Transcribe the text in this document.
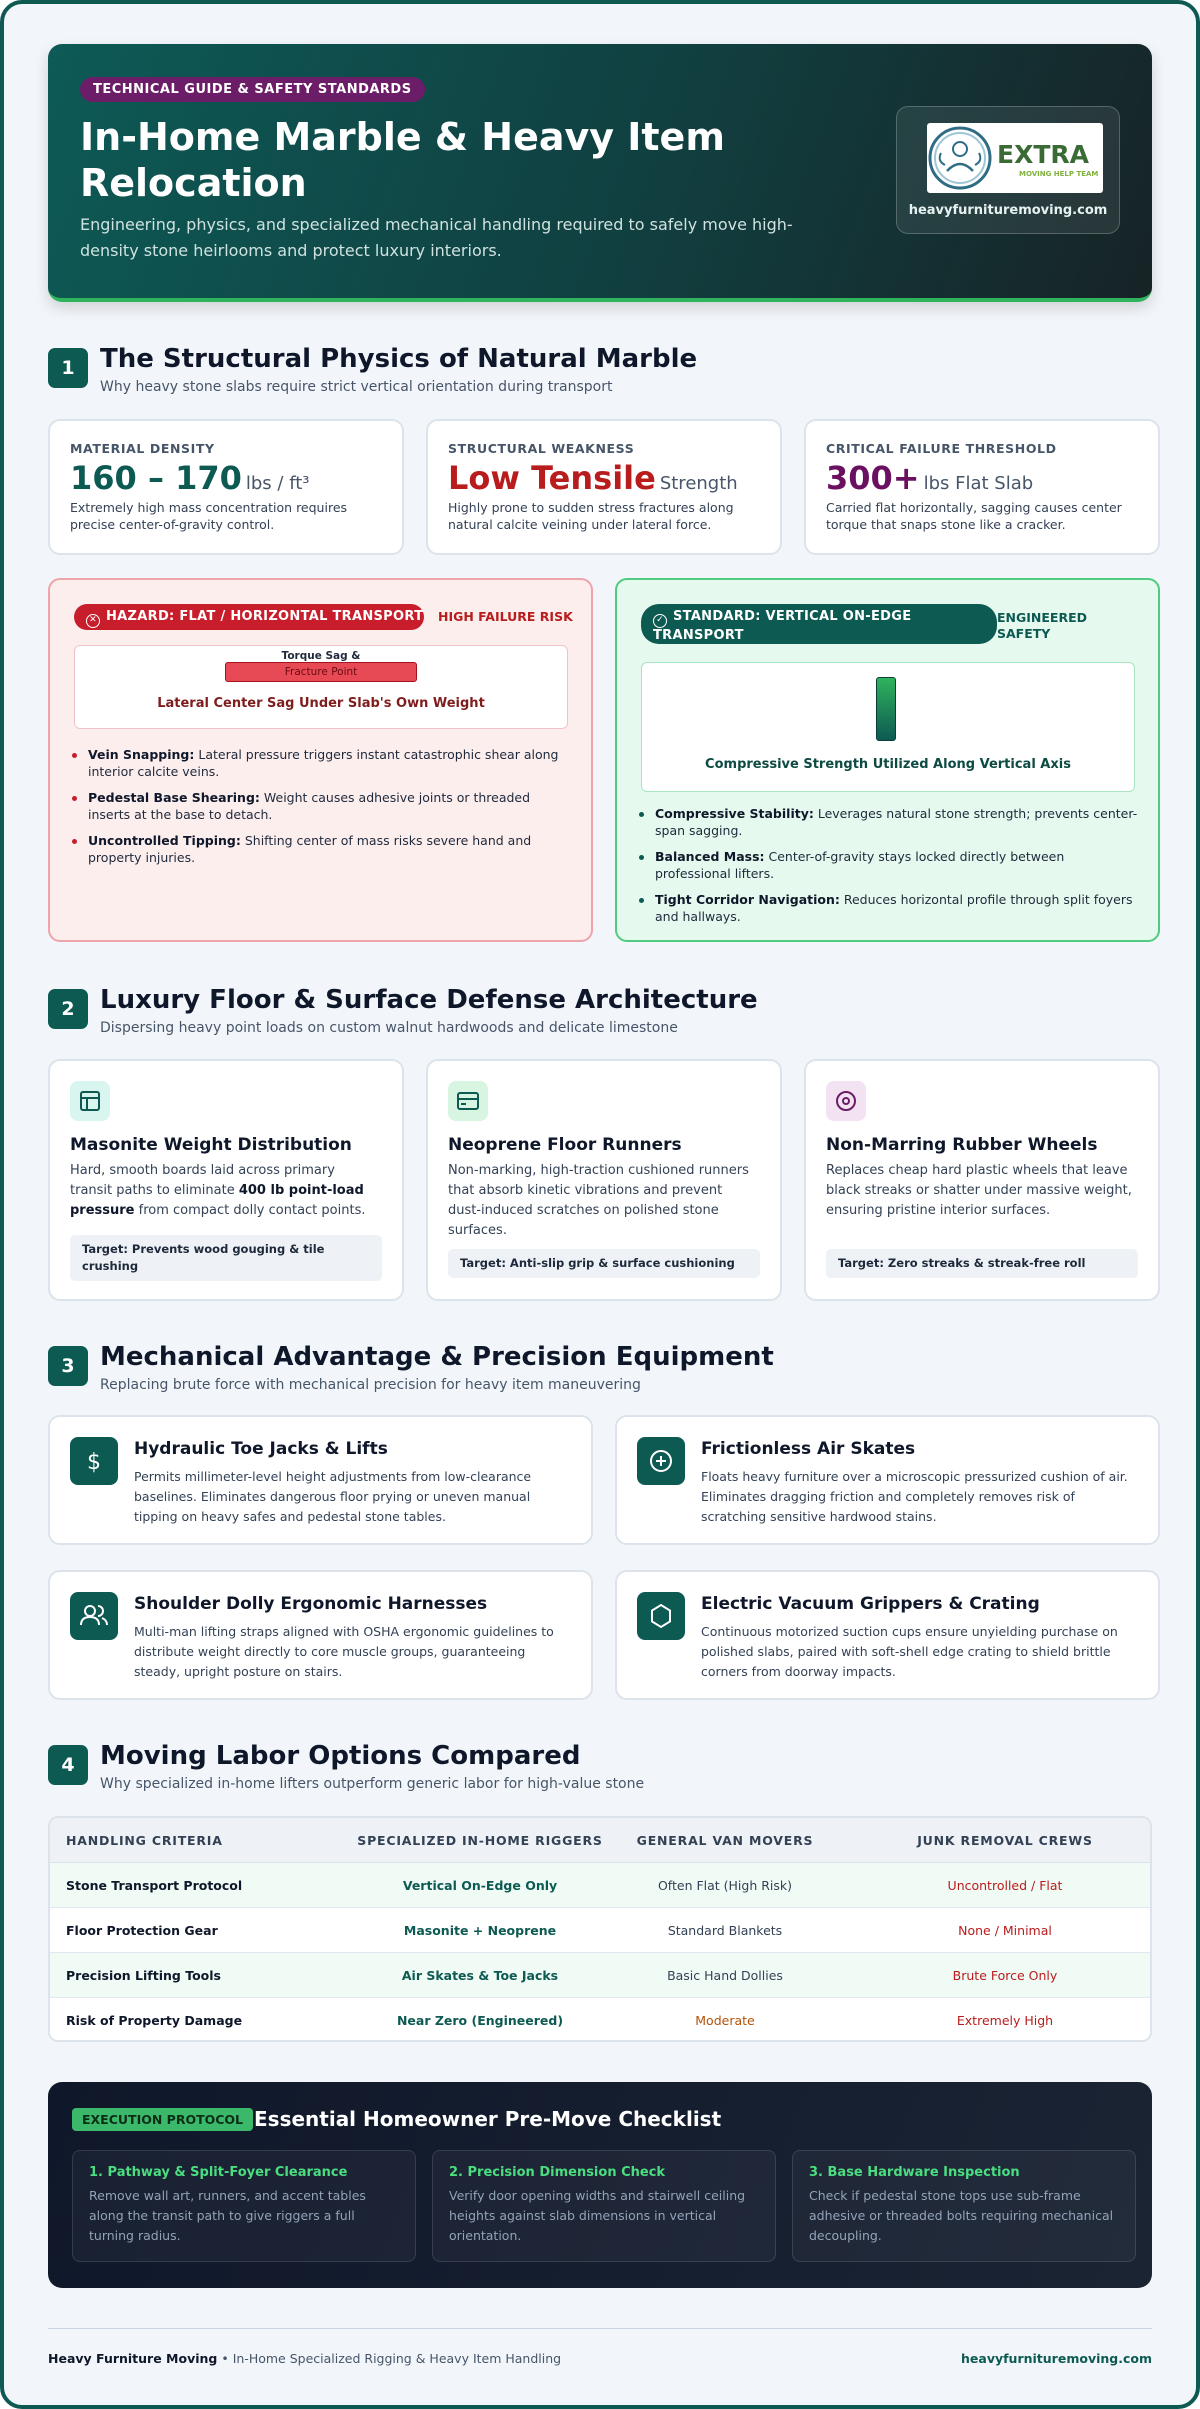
TECHNICAL GUIDE & SAFETY STANDARDS
In-Home Marble & Heavy Item Relocation
Engineering, physics, and specialized mechanical handling required to safely move high-density stone heirlooms and protect luxury interiors.
EXTRA
MOVING HELP TEAM
heavyfurnituremoving.com
1 The Structural Physics of Natural Marble
Why heavy stone slabs require strict vertical orientation during transport
MATERIAL DENSITY
160 – 170 lbs / ft³
Extremely high mass concentration requires precise center-of-gravity control.
STRUCTURAL WEAKNESS
Low Tensile Strength
Highly prone to sudden stress fractures along natural calcite veining under lateral force.
CRITICAL FAILURE THRESHOLD
300+ lbs Flat Slab
Carried flat horizontally, sagging causes center torque that snaps stone like a cracker.
✕ HAZARD: FLAT / HORIZONTAL TRANSPORT HIGH FAILURE RISK
Torque Sag &
Fracture Point
Lateral Center Sag Under Slab's Own Weight
Vein Snapping: Lateral pressure triggers instant catastrophic shear along interior calcite veins.
Pedestal Base Shearing: Weight causes adhesive joints or threaded inserts at the base to detach.
Uncontrolled Tipping: Shifting center of mass risks severe hand and property injuries.
✓ STANDARD: VERTICAL ON-EDGE TRANSPORT
ENGINEERED SAFETY
Compressive Strength Utilized Along Vertical Axis
Compressive Stability: Leverages natural stone strength; prevents center-span sagging.
Balanced Mass: Center-of-gravity stays locked directly between professional lifters.
Tight Corridor Navigation: Reduces horizontal profile through split foyers and hallways.
2 Luxury Floor & Surface Defense Architecture
Dispersing heavy point loads on custom walnut hardwoods and delicate limestone
Masonite Weight Distribution
Hard, smooth boards laid across primary transit paths to eliminate 400 lb point-load pressure from compact dolly contact points.
Target: Prevents wood gouging & tile crushing
Neoprene Floor Runners
Non-marking, high-traction cushioned runners that absorb kinetic vibrations and prevent dust-induced scratches on polished stone surfaces.
Target: Anti-slip grip & surface cushioning
Non-Marring Rubber Wheels
Replaces cheap hard plastic wheels that leave black streaks or shatter under massive weight, ensuring pristine interior surfaces.
Target: Zero streaks & streak-free roll
3 Mechanical Advantage & Precision Equipment
Replacing brute force with mechanical precision for heavy item maneuvering
$
Hydraulic Toe Jacks & Lifts
Permits millimeter-level height adjustments from low-clearance baselines. Eliminates dangerous floor prying or uneven manual tipping on heavy safes and pedestal stone tables.
Frictionless Air Skates
Floats heavy furniture over a microscopic pressurized cushion of air. Eliminates dragging friction and completely removes risk of scratching sensitive hardwood stains.
Shoulder Dolly Ergonomic Harnesses
Multi-man lifting straps aligned with OSHA ergonomic guidelines to distribute weight directly to core muscle groups, guaranteeing steady, upright posture on stairs.
Electric Vacuum Grippers & Crating
Continuous motorized suction cups ensure unyielding purchase on polished slabs, paired with soft-shell edge crating to shield brittle corners from doorway impacts.
4 Moving Labor Options Compared
Why specialized in-home lifters outperform generic labor for high-value stone
HANDLING CRITERIA	SPECIALIZED IN-HOME RIGGERS	GENERAL VAN MOVERS	JUNK REMOVAL CREWS
Stone Transport Protocol	Vertical On-Edge Only	Often Flat (High Risk)	Uncontrolled / Flat
Floor Protection Gear	Masonite + Neoprene	Standard Blankets	None / Minimal
Precision Lifting Tools	Air Skates & Toe Jacks	Basic Hand Dollies	Brute Force Only
Risk of Property Damage	Near Zero (Engineered)	Moderate	Extremely High
EXECUTION PROTOCOL Essential Homeowner Pre-Move Checklist
1. Pathway & Split-Foyer Clearance
Remove wall art, runners, and accent tables along the transit path to give riggers a full turning radius.
2. Precision Dimension Check
Verify door opening widths and stairwell ceiling heights against slab dimensions in vertical orientation.
3. Base Hardware Inspection
Check if pedestal stone tops use sub-frame adhesive or threaded bolts requiring mechanical decoupling.
Heavy Furniture Moving • In-Home Specialized Rigging & Heavy Item Handling	heavyfurnituremoving.com
